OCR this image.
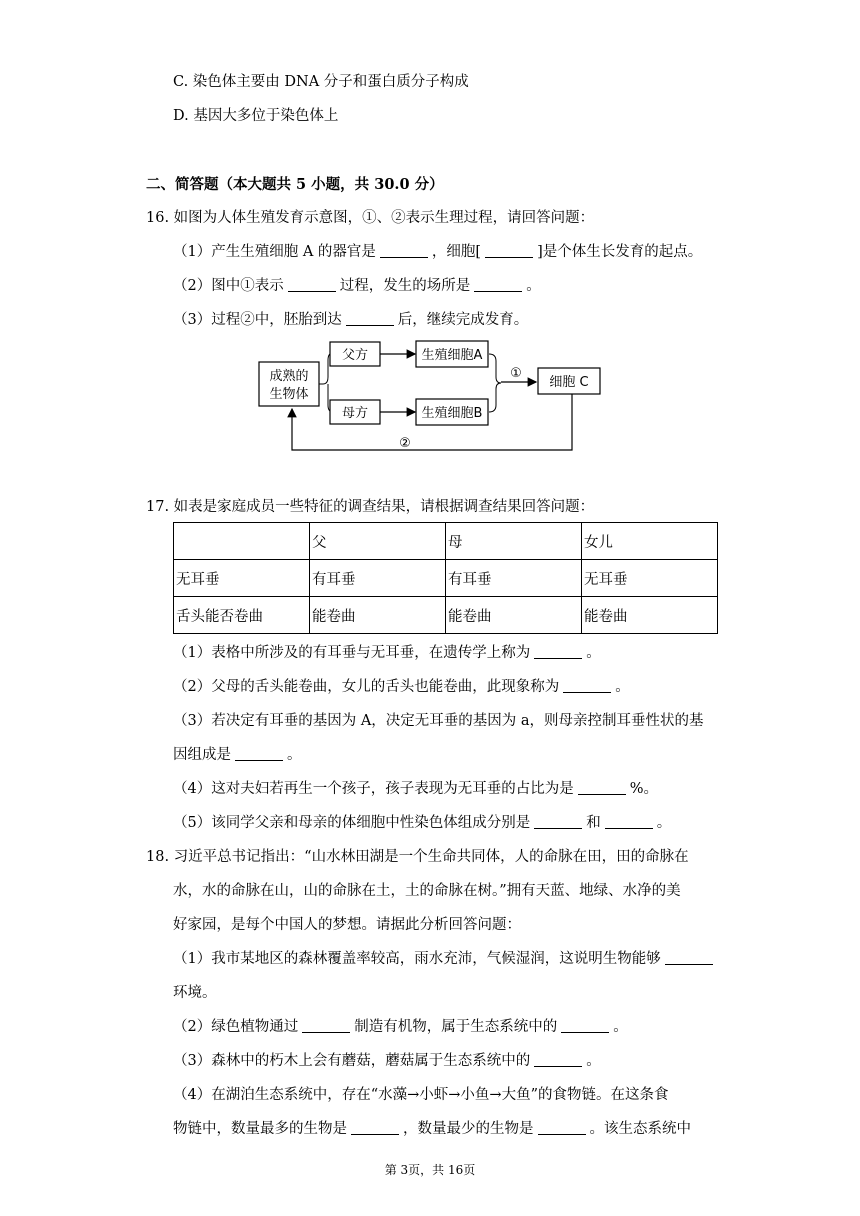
C. 染色体主要由 DNA 分子和蛋白质分子构成
D. 基因大多位于染色体上
二、简答题（本大题共 5 小题，共 30.0 分）
16. 如图为人体生殖发育示意图，①、②表示生理过程，请回答问题：
（1）产生生殖细胞 A 的器官是	，细胞[	]是个体生长发育的起点。
（2）图中①表示	过程，发生的场所是	。
（3）过程②中，胚胎到达	后，继续完成发育。
成熟的
生物体
父方	生殖细胞A
母方	生殖细胞B
①
细胞 C
②
17. 如表是家庭成员一些特征的调查结果，请根据调查结果回答问题：
	父	母	女儿
无耳垂	有耳垂	有耳垂	无耳垂
舌头能否卷曲	能卷曲	能卷曲	能卷曲
（1）表格中所涉及的有耳垂与无耳垂，在遗传学上称为	。
（2）父母的舌头能卷曲，女儿的舌头也能卷曲，此现象称为	。
（3）若决定有耳垂的基因为 A，决定无耳垂的基因为 a，则母亲控制耳垂性状的基
因组成是	。
（4）这对夫妇若再生一个孩子，孩子表现为无耳垂的占比为是	%。
（5）该同学父亲和母亲的体细胞中性染色体组成分别是	和	。
18. 习近平总书记指出：“山水林田湖是一个生命共同体，人的命脉在田，田的命脉在
水，水的命脉在山，山的命脉在土，土的命脉在树。”拥有天蓝、地绿、水净的美
好家园，是每个中国人的梦想。请据此分析回答问题：
（1）我市某地区的森林覆盖率较高，雨水充沛，气候湿润，这说明生物能够
环境。
（2）绿色植物通过	制造有机物，属于生态系统中的	。
（3）森林中的朽木上会有蘑菇，蘑菇属于生态系统中的	。
（4）在湖泊生态系统中，存在“水藻→小虾→小鱼→大鱼”的食物链。在这条食
物链中，数量最多的生物是	，数量最少的生物是	。该生态系统中
第 3页，共 16页
